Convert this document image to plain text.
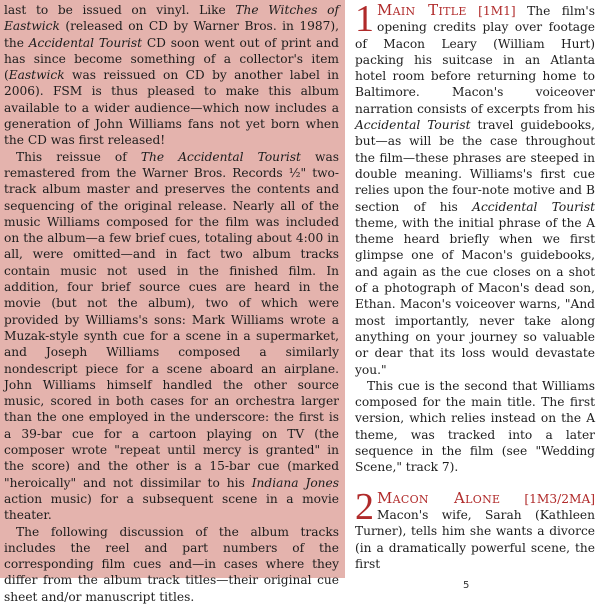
last to be issued on vinyl. Like The Witches of Eastwick (released on CD by Warner Bros. in 1987), the Accidental Tourist CD soon went out of print and has since become something of a collector's item (Eastwick was reissued on CD by another label in 2006). FSM is thus pleased to make this album available to a wider audience—which now includes a generation of John Williams fans not yet born when the CD was first released!

This reissue of The Accidental Tourist was remastered from the Warner Bros. Records ½" two-track album master and preserves the contents and sequencing of the original release. Nearly all of the music Williams composed for the film was included on the album—a few brief cues, totaling about 4:00 in all, were omitted—and in fact two album tracks contain music not used in the finished film. In addition, four brief source cues are heard in the movie (but not the album), two of which were provided by Williams's sons: Mark Williams wrote a Muzak-style synth cue for a scene in a supermarket, and Joseph Williams composed a similarly nondescript piece for a scene aboard an airplane. John Williams himself handled the other source music, scored in both cases for an orchestra larger than the one employed in the underscore: the first is a 39-bar cue for a cartoon playing on TV (the composer wrote "repeat until mercy is granted" in the score) and the other is a 15-bar cue (marked "heroically" and not dissimilar to his Indiana Jones action music) for a subsequent scene in a movie theater.

The following discussion of the album tracks includes the reel and part numbers of the corresponding film cues and—in cases where they differ from the album track titles—their original cue sheet and/or manuscript titles.

1 Main Title [1M1] The film's opening credits play over footage of Macon Leary (William Hurt) packing his suitcase in an Atlanta hotel room before returning home to Baltimore. Macon's voiceover narration consists of excerpts from his Accidental Tourist travel guidebooks, but—as will be the case throughout the film—these phrases are steeped in double meaning. Williams's first cue relies upon the four-note motive and B section of his Accidental Tourist theme, with the initial phrase of the A theme heard briefly when we first glimpse one of Macon's guidebooks, and again as the cue closes on a shot of a photograph of Macon's dead son, Ethan. Macon's voiceover warns, "And most importantly, never take along anything on your journey so valuable or dear that its loss would devastate you."

This cue is the second that Williams composed for the main title. The first version, which relies instead on the A theme, was tracked into a later sequence in the film (see "Wedding Scene," track 7).

2 Macon Alone [1M3/2MA] Macon's wife, Sarah (Kathleen Turner), tells him she wants a divorce (in a dramatically powerful scene, the first

5
